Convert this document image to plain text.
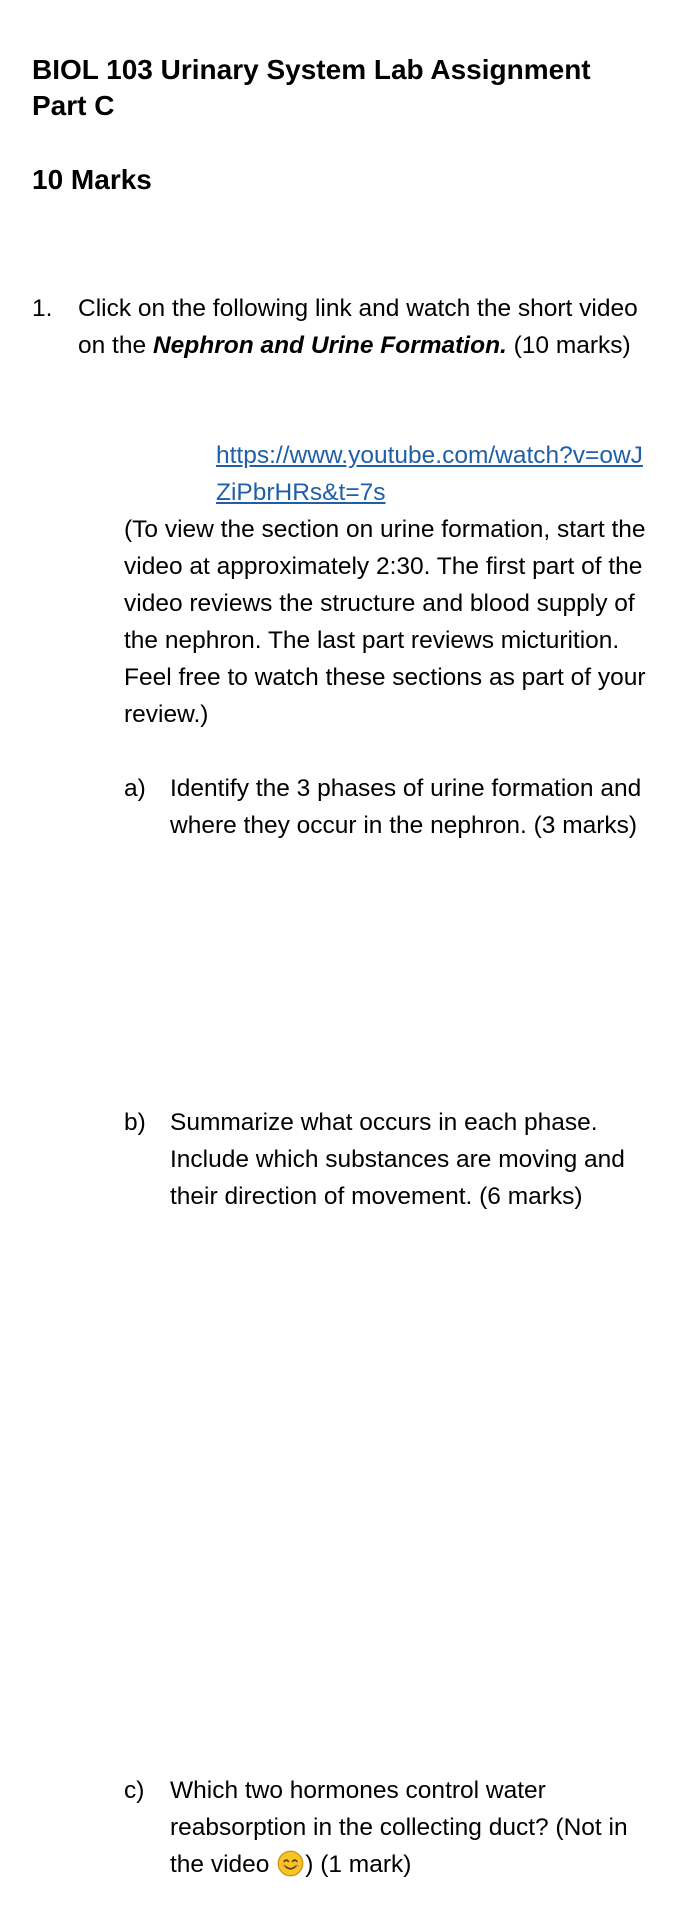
BIOL 103 Urinary System Lab Assignment Part C
10 Marks
1. Click on the following link and watch the short video on the Nephron and Urine Formation. (10 marks)
https://www.youtube.com/watch?v=owJZiPbrHRs&t=7s
(To view the section on urine formation, start the video at approximately 2:30. The first part of the video reviews the structure and blood supply of the nephron. The last part reviews micturition. Feel free to watch these sections as part of your review.)
a) Identify the 3 phases of urine formation and where they occur in the nephron. (3 marks)
b) Summarize what occurs in each phase. Include which substances are moving and their direction of movement. (6 marks)
c) Which two hormones control water reabsorption in the collecting duct? (Not in the video ) (1 mark)
